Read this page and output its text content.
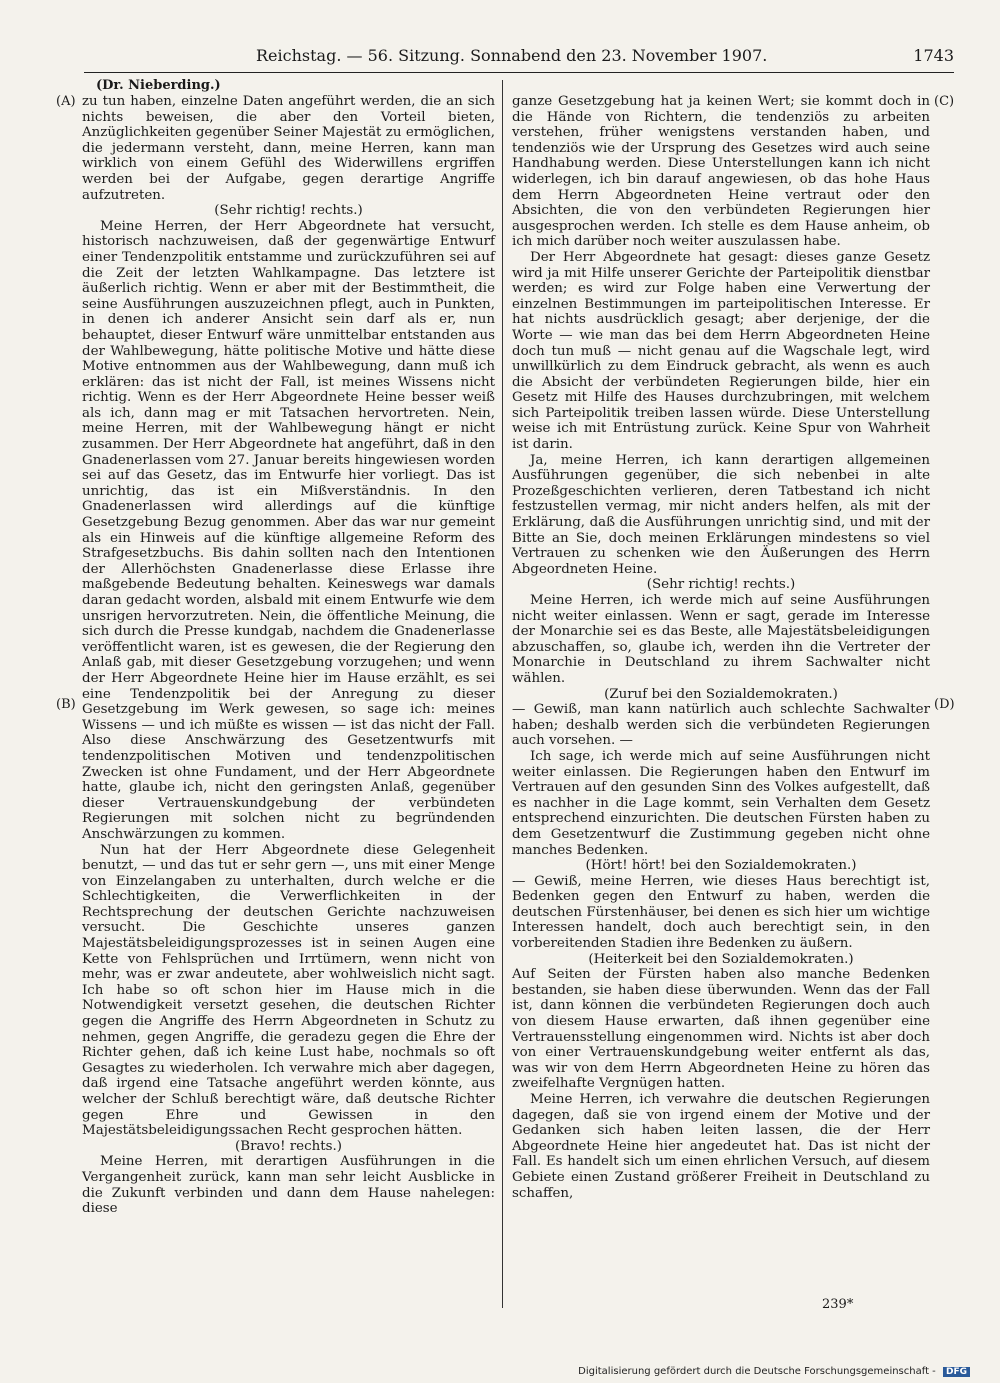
Reichstag. — 56. Sitzung. Sonnabend den 23. November 1907.	1743
(Dr. Nieberding.)
(A)
(B)
(C)
(D)

zu tun haben, einzelne Daten angeführt werden, die an sich nichts beweisen, die aber den Vorteil bieten, Anzüglichkeiten gegenüber Seiner Majestät zu ermöglichen, die jedermann versteht, dann, meine Herren, kann man wirklich von einem Gefühl des Widerwillens ergriffen werden bei der Aufgabe, gegen derartige Angriffe aufzutreten.

(Sehr richtig! rechts.)

Meine Herren, der Herr Abgeordnete hat versucht, historisch nachzuweisen, daß der gegenwärtige Entwurf einer Tendenzpolitik entstamme und zurückzuführen sei auf die Zeit der letzten Wahlkampagne. Das letztere ist äußerlich richtig. Wenn er aber mit der Bestimmtheit, die seine Ausführungen auszuzeichnen pflegt, auch in Punkten, in denen ich anderer Ansicht sein darf als er, nun behauptet, dieser Entwurf wäre unmittelbar entstanden aus der Wahlbewegung, hätte politische Motive und hätte diese Motive entnommen aus der Wahlbewegung, dann muß ich erklären: das ist nicht der Fall, ist meines Wissens nicht richtig. Wenn es der Herr Abgeordnete Heine besser weiß als ich, dann mag er mit Tatsachen hervortreten. Nein, meine Herren, mit der Wahlbewegung hängt er nicht zusammen. Der Herr Abgeordnete hat angeführt, daß in den Gnadenerlassen vom 27. Januar bereits hingewiesen worden sei auf das Gesetz, das im Entwurfe hier vorliegt. Das ist unrichtig, das ist ein Mißverständnis. In den Gnadenerlassen wird allerdings auf die künftige Gesetzgebung Bezug genommen. Aber das war nur gemeint als ein Hinweis auf die künftige allgemeine Reform des Strafgesetzbuchs. Bis dahin sollten nach den Intentionen der Allerhöchsten Gnadenerlasse diese Erlasse ihre maßgebende Bedeutung behalten. Keineswegs war damals daran gedacht worden, alsbald mit einem Entwurfe wie dem unsrigen hervorzutreten. Nein, die öffentliche Meinung, die sich durch die Presse kundgab, nachdem die Gnadenerlasse veröffentlicht waren, ist es gewesen, die der Regierung den Anlaß gab, mit dieser Gesetzgebung vorzugehen; und wenn der Herr Abgeordnete Heine hier im Hause erzählt, es sei eine Tendenzpolitik bei der Anregung zu dieser Gesetzgebung im Werk gewesen, so sage ich: meines Wissens — und ich müßte es wissen — ist das nicht der Fall. Also diese Anschwärzung des Gesetzentwurfs mit tendenzpolitischen Motiven und tendenzpolitischen Zwecken ist ohne Fundament, und der Herr Abgeordnete hatte, glaube ich, nicht den geringsten Anlaß, gegenüber dieser Vertrauenskundgebung der verbündeten Regierungen mit solchen nicht zu begründenden Anschwärzungen zu kommen.

Nun hat der Herr Abgeordnete diese Gelegenheit benutzt, — und das tut er sehr gern —, uns mit einer Menge von Einzelangaben zu unterhalten, durch welche er die Schlechtigkeiten, die Verwerflichkeiten in der Rechtsprechung der deutschen Gerichte nachzuweisen versucht. Die Geschichte unseres ganzen Majestätsbeleidigungsprozesses ist in seinen Augen eine Kette von Fehlsprüchen und Irrtümern, wenn nicht von mehr, was er zwar andeutete, aber wohlweislich nicht sagt. Ich habe so oft schon hier im Hause mich in die Notwendigkeit versetzt gesehen, die deutschen Richter gegen die Angriffe des Herrn Abgeordneten in Schutz zu nehmen, gegen Angriffe, die geradezu gegen die Ehre der Richter gehen, daß ich keine Lust habe, nochmals so oft Gesagtes zu wiederholen. Ich verwahre mich aber dagegen, daß irgend eine Tatsache angeführt werden könnte, aus welcher der Schluß berechtigt wäre, daß deutsche Richter gegen Ehre und Gewissen in den Majestätsbeleidigungssachen Recht gesprochen hätten.

(Bravo! rechts.)

Meine Herren, mit derartigen Ausführungen in die Vergangenheit zurück, kann man sehr leicht Ausblicke in die Zukunft verbinden und dann dem Hause nahelegen: diese

ganze Gesetzgebung hat ja keinen Wert; sie kommt doch in die Hände von Richtern, die tendenziös zu arbeiten verstehen, früher wenigstens verstanden haben, und tendenziös wie der Ursprung des Gesetzes wird auch seine Handhabung werden. Diese Unterstellungen kann ich nicht widerlegen, ich bin darauf angewiesen, ob das hohe Haus dem Herrn Abgeordneten Heine vertraut oder den Absichten, die von den verbündeten Regierungen hier ausgesprochen werden. Ich stelle es dem Hause anheim, ob ich mich darüber noch weiter auszulassen habe.

Der Herr Abgeordnete hat gesagt: dieses ganze Gesetz wird ja mit Hilfe unserer Gerichte der Parteipolitik dienstbar werden; es wird zur Folge haben eine Verwertung der einzelnen Bestimmungen im parteipolitischen Interesse. Er hat nichts ausdrücklich gesagt; aber derjenige, der die Worte — wie man das bei dem Herrn Abgeordneten Heine doch tun muß — nicht genau auf die Wagschale legt, wird unwillkürlich zu dem Eindruck gebracht, als wenn es auch die Absicht der verbündeten Regierungen bilde, hier ein Gesetz mit Hilfe des Hauses durchzubringen, mit welchem sich Parteipolitik treiben lassen würde. Diese Unterstellung weise ich mit Entrüstung zurück. Keine Spur von Wahrheit ist darin.

Ja, meine Herren, ich kann derartigen allgemeinen Ausführungen gegenüber, die sich nebenbei in alte Prozeßgeschichten verlieren, deren Tatbestand ich nicht festzustellen vermag, mir nicht anders helfen, als mit der Erklärung, daß die Ausführungen unrichtig sind, und mit der Bitte an Sie, doch meinen Erklärungen mindestens so viel Vertrauen zu schenken wie den Äußerungen des Herrn Abgeordneten Heine.

(Sehr richtig! rechts.)

Meine Herren, ich werde mich auf seine Ausführungen nicht weiter einlassen. Wenn er sagt, gerade im Interesse der Monarchie sei es das Beste, alle Majestätsbeleidigungen abzuschaffen, so, glaube ich, werden ihn die Vertreter der Monarchie in Deutschland zu ihrem Sachwalter nicht wählen.

(Zuruf bei den Sozialdemokraten.)

— Gewiß, man kann natürlich auch schlechte Sachwalter haben; deshalb werden sich die verbündeten Regierungen auch vorsehen. —

Ich sage, ich werde mich auf seine Ausführungen nicht weiter einlassen. Die Regierungen haben den Entwurf im Vertrauen auf den gesunden Sinn des Volkes aufgestellt, daß es nachher in die Lage kommt, sein Verhalten dem Gesetz entsprechend einzurichten. Die deutschen Fürsten haben zu dem Gesetzentwurf die Zustimmung gegeben nicht ohne manches Bedenken.

(Hört! hört! bei den Sozialdemokraten.)

— Gewiß, meine Herren, wie dieses Haus berechtigt ist, Bedenken gegen den Entwurf zu haben, werden die deutschen Fürstenhäuser, bei denen es sich hier um wichtige Interessen handelt, doch auch berechtigt sein, in den vorbereitenden Stadien ihre Bedenken zu äußern.

(Heiterkeit bei den Sozialdemokraten.)

Auf Seiten der Fürsten haben also manche Bedenken bestanden, sie haben diese überwunden. Wenn das der Fall ist, dann können die verbündeten Regierungen doch auch von diesem Hause erwarten, daß ihnen gegenüber eine Vertrauensstellung eingenommen wird. Nichts ist aber doch von einer Vertrauenskundgebung weiter entfernt als das, was wir von dem Herrn Abgeordneten Heine zu hören das zweifelhafte Vergnügen hatten.

Meine Herren, ich verwahre die deutschen Regierungen dagegen, daß sie von irgend einem der Motive und der Gedanken sich haben leiten lassen, die der Herr Abgeordnete Heine hier angedeutet hat. Das ist nicht der Fall. Es handelt sich um einen ehrlichen Versuch, auf diesem Gebiete einen Zustand größerer Freiheit in Deutschland zu schaffen,

239*
Digitalisierung gefördert durch die Deutsche Forschungsgemeinschaft - DFG
